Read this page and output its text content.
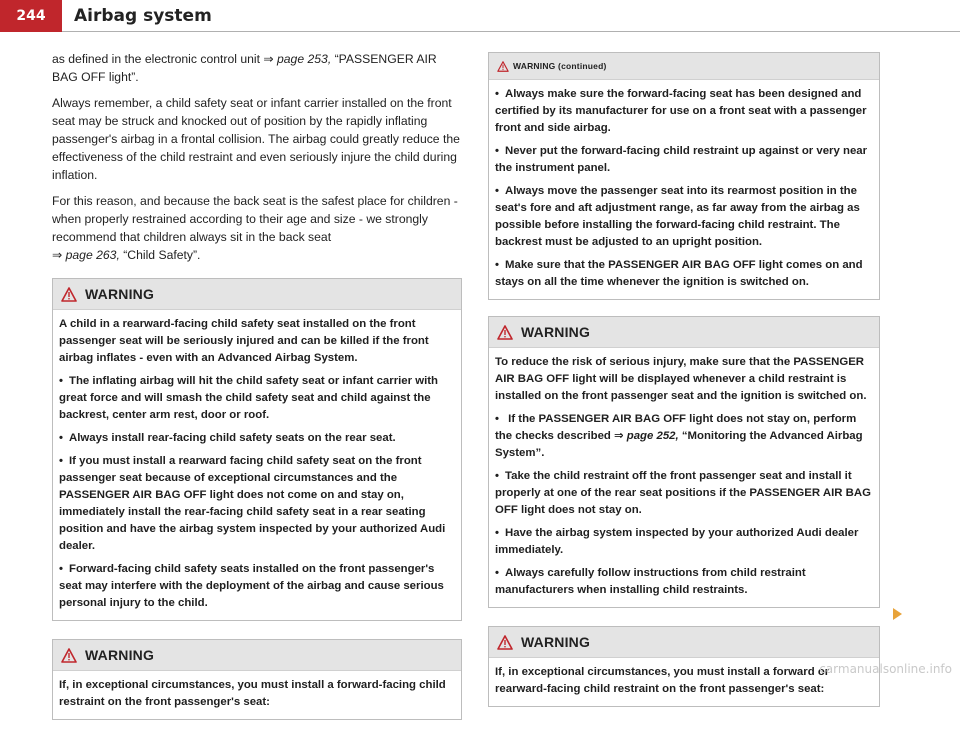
244	Airbag system

as defined in the electronic control unit ⇒ page 253, “PASSENGER AIR BAG OFF light”.

Always remember, a child safety seat or infant carrier installed on the front seat may be struck and knocked out of position by the rapidly inflating passenger's airbag in a frontal collision. The airbag could greatly reduce the effectiveness of the child restraint and even seriously injure the child during inflation.

For this reason, and because the back seat is the safest place for children - when properly restrained according to their age and size - we strongly recommend that children always sit in the back seat
⇒ page 263, “Child Safety”.

WARNING

A child in a rearward-facing child safety seat installed on the front passenger seat will be seriously injured and can be killed if the front airbag inflates - even with an Advanced Airbag System.

• The inflating airbag will hit the child safety seat or infant carrier with great force and will smash the child safety seat and child against the backrest, center arm rest, door or roof.

• Always install rear-facing child safety seats on the rear seat.

• If you must install a rearward facing child safety seat on the front passenger seat because of exceptional circumstances and the PASSENGER AIR BAG OFF light does not come on and stay on, immediately install the rear-facing child safety seat in a rear seating position and have the airbag system inspected by your authorized Audi dealer.

• Forward-facing child safety seats installed on the front passenger's seat may interfere with the deployment of the airbag and cause serious personal injury to the child.

WARNING

If, in exceptional circumstances, you must install a forward-facing child restraint on the front passenger's seat:

WARNING (continued)

• Always make sure the forward-facing seat has been designed and certified by its manufacturer for use on a front seat with a passenger front and side airbag.

• Never put the forward-facing child restraint up against or very near the instrument panel.

• Always move the passenger seat into its rearmost position in the seat's fore and aft adjustment range, as far away from the airbag as possible before installing the forward-facing child restraint. The backrest must be adjusted to an upright position.

• Make sure that the PASSENGER AIR BAG OFF light comes on and stays on all the time whenever the ignition is switched on.

WARNING

To reduce the risk of serious injury, make sure that the PASSENGER AIR BAG OFF light will be displayed whenever a child restraint is installed on the front passenger seat and the ignition is switched on.

• If the PASSENGER AIR BAG OFF light does not stay on, perform the checks described ⇒ page 252, “Monitoring the Advanced Airbag System”.

• Take the child restraint off the front passenger seat and install it properly at one of the rear seat positions if the PASSENGER AIR BAG OFF light does not stay on.

• Have the airbag system inspected by your authorized Audi dealer immediately.

• Always carefully follow instructions from child restraint manufacturers when installing child restraints.

WARNING

If, in exceptional circumstances, you must install a forward or rearward-facing child restraint on the front passenger's seat:

carmanualsonline.info
